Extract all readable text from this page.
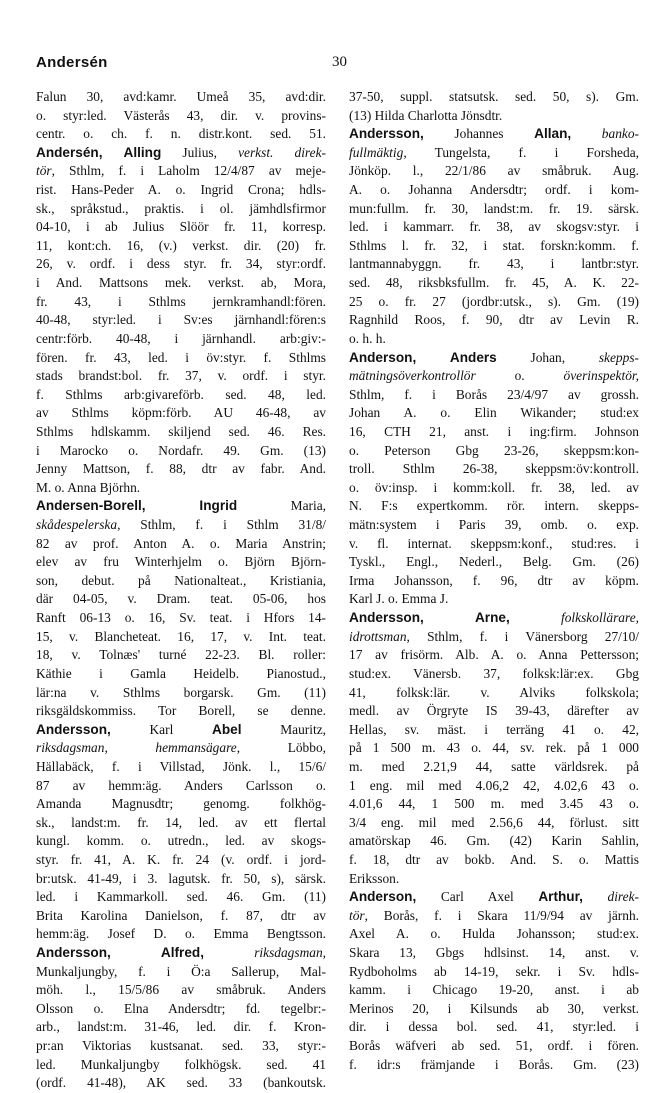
Andersén	30
Falun 30, avd:kamr. Umeå 35, avd:dir.
o. styr:led. Västerås 43, dir. v. provins-
centr. o. ch. f. n. distr.kont. sed. 51.
Andersén, Alling Julius, verkst. direk-
tör, Sthlm, f. i Laholm 12/4/87 av meje-
rist. Hans-Peder A. o. Ingrid Crona; hdls-
sk., språkstud., praktis. i ol. jämhdlsfirmor
04-10, i ab Julius Slöör fr. 11, korresp.
11, kont:ch. 16, (v.) verkst. dir. (20) fr.
26, v. ordf. i dess styr. fr. 34, styr:ordf.
i And. Mattsons mek. verkst. ab, Mora,
fr. 43, i Sthlms jernkramhandl:fören.
40-48, styr:led. i Sv:es järnhandl:fören:s
centr:förb. 40-48, i järnhandl. arb:giv:-
fören. fr. 43, led. i öv:styr. f. Sthlms
stads brandst:bol. fr. 37, v. ordf. i styr.
f. Sthlms arb:givareförb. sed. 48, led.
av Sthlms köpm:förb. AU 46-48, av
Sthlms hdlskamm. skiljend sed. 46. Res.
i Marocko o. Nordafr. 49. Gm. (13)
Jenny Mattson, f. 88, dtr av fabr. And.
M. o. Anna Björhn.
Andersen-Borell, Ingrid Maria,
skådespelerska, Sthlm, f. i Sthlm 31/8/
82 av prof. Anton A. o. Maria Anstrin;
elev av fru Winterhjelm o. Björn Björn-
son, debut. på Nationalteat., Kristiania,
där 04-05, v. Dram. teat. 05-06, hos
Ranft 06-13 o. 16, Sv. teat. i Hfors 14-
15, v. Blancheteat. 16, 17, v. Int. teat.
18, v. Tolnæs' turné 22-23. Bl. roller:
Käthie i Gamla Heidelb. Pianostud.,
lär:na v. Sthlms borgarsk. Gm. (11)
riksgäldskommiss. Tor Borell, se denne.
Andersson, Karl Abel Mauritz,
riksdagsman, hemmansägare, Löbbo,
Hällabäck, f. i Villstad, Jönk. l., 15/6/
87 av hemm:äg. Anders Carlsson o.
Amanda Magnusdtr; genomg. folkhög-
sk., landst:m. fr. 14, led. av ett flertal
kungl. komm. o. utredn., led. av skogs-
styr. fr. 41, A. K. fr. 24 (v. ordf. i jord-
br:utsk. 41-49, i 3. lagutsk. fr. 50, s), särsk.
led. i Kammarkoll. sed. 46. Gm. (11)
Brita Karolina Danielson, f. 87, dtr av
hemm:äg. Josef D. o. Emma Bengtsson.
Andersson, Alfred,	riksdagsman,
Munkaljungby, f. i Ö:a Sallerup, Mal-
möh. l., 15/5/86 av småbruk. Anders
Olsson o. Elna Andersdtr; fd. tegelbr:-
arb., landst:m. 31-46, led. dir. f. Kron-
pr:an Viktorias kustsanat. sed. 33, styr:-
led. Munkaljungby folkhögsk. sed. 41
(ordf. 41-48), AK sed. 33 (bankoutsk.
37-50, suppl. statsutsk. sed. 50, s). Gm.
(13) Hilda Charlotta Jönsdtr.
Andersson, Johannes Allan, banko-
fullmäktig, Tungelsta, f. i Forsheda,
Jönköp. l., 22/1/86 av småbruk. Aug.
A. o. Johanna Andersdtr; ordf. i kom-
mun:fullm. fr. 30, landst:m. fr. 19. särsk.
led. i kammarr. fr. 38, av skogsv:styr. i
Sthlms l. fr. 32, i stat. forskn:komm. f.
lantmannabyggn. fr. 43, i lantbr:styr.
sed. 48, riksbksfullm. fr. 45, A. K. 22-
25 o. fr. 27 (jordbr:utsk., s). Gm. (19)
Ragnhild Roos, f. 90, dtr av Levin R.
o. h. h.
Anderson, Anders Johan, skepps-
mätningsöverkontrollör o. överinspektör,
Sthlm, f. i Borås 23/4/97 av grossh.
Johan A. o. Elin Wikander; stud:ex
16, CTH 21, anst. i ing:firm. Johnson
o. Peterson Gbg 23-26, skeppsm:kon-
troll. Sthlm 26-38, skeppsm:öv:kontroll.
o. öv:insp. i komm:koll. fr. 38, led. av
N. F:s expertkomm. rör. intern. skepps-
mätn:system i Paris 39, omb. o. exp.
v. fl. internat. skeppsm:konf., stud:res. i
Tyskl., Engl., Nederl., Belg. Gm. (26)
Irma Johansson, f. 96, dtr av köpm.
Karl J. o. Emma J.
Andersson, Arne,	folkskollärare,
idrottsman, Sthlm, f. i Vänersborg 27/10/
17 av frisörm. Alb. A. o. Anna Pettersson;
stud:ex. Vänersb. 37, folksk:lär:ex. Gbg
41, folksk:lär. v. Alviks folkskola;
medl. av Örgryte IS 39-43, därefter av
Hellas, sv. mäst. i terräng 41 o. 42,
på 1 500 m. 43 o. 44, sv. rek. på 1 000
m. med 2.21,9 44, satte världsrek. på
1 eng. mil med 4.06,2 42, 4.02,6 43 o.
4.01,6 44, 1 500 m. med 3.45 43 o.
3/4 eng. mil med 2.56,6 44, förlust. sitt
amatörskap 46. Gm. (42) Karin Sahlin,
f. 18, dtr av bokb. And. S. o. Mattis
Eriksson.
Anderson, Carl Axel Arthur, direk-
tör, Borås, f. i Skara 11/9/94 av järnh.
Axel A. o. Hulda Johansson; stud:ex.
Skara 13, Gbgs hdlsinst. 14, anst. v.
Rydboholms ab 14-19, sekr. i Sv. hdls-
kamm. i Chicago 19-20, anst. i ab
Merinos 20, i Kilsunds ab 30, verkst.
dir. i dessa bol. sed. 41, styr:led. i
Borås wäfveri ab sed. 51, ordf. i fören.
f. idr:s främjande i Borås. Gm. (23)
